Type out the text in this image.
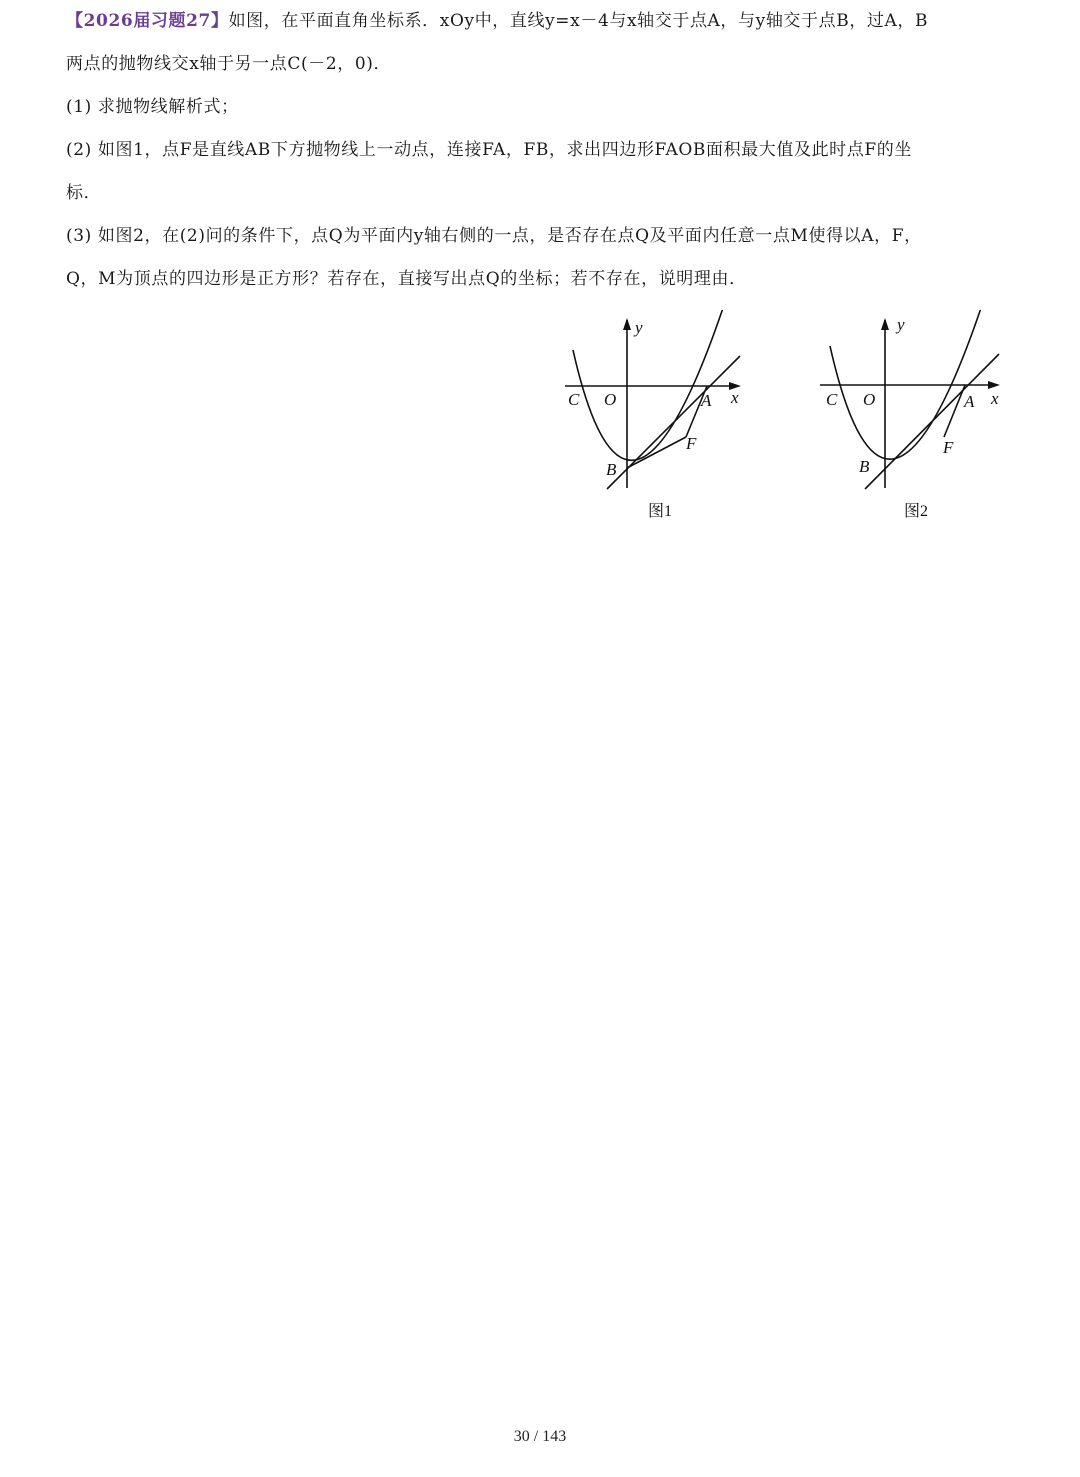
【2026届习题27】如图，在平面直角坐标系．xOy中，直线y=x－4与x轴交于点A，与y轴交于点B，过A，B
两点的抛物线交x轴于另一点C(－2，0)．
(1) 求抛物线解析式；
(2) 如图1，点F是直线AB下方抛物线上一动点，连接FA，FB，求出四边形FAOB面积最大值及此时点F的坐
标．
(3) 如图2，在(2)问的条件下，点Q为平面内y轴右侧的一点，是否存在点Q及平面内任意一点M使得以A，F，
Q，M为顶点的四边形是正方形？若存在，直接写出点Q的坐标；若不存在，说明理由．
y
x
C O	A
B
F
图1
y
x
C O	A
B
F
图2
30 / 143
